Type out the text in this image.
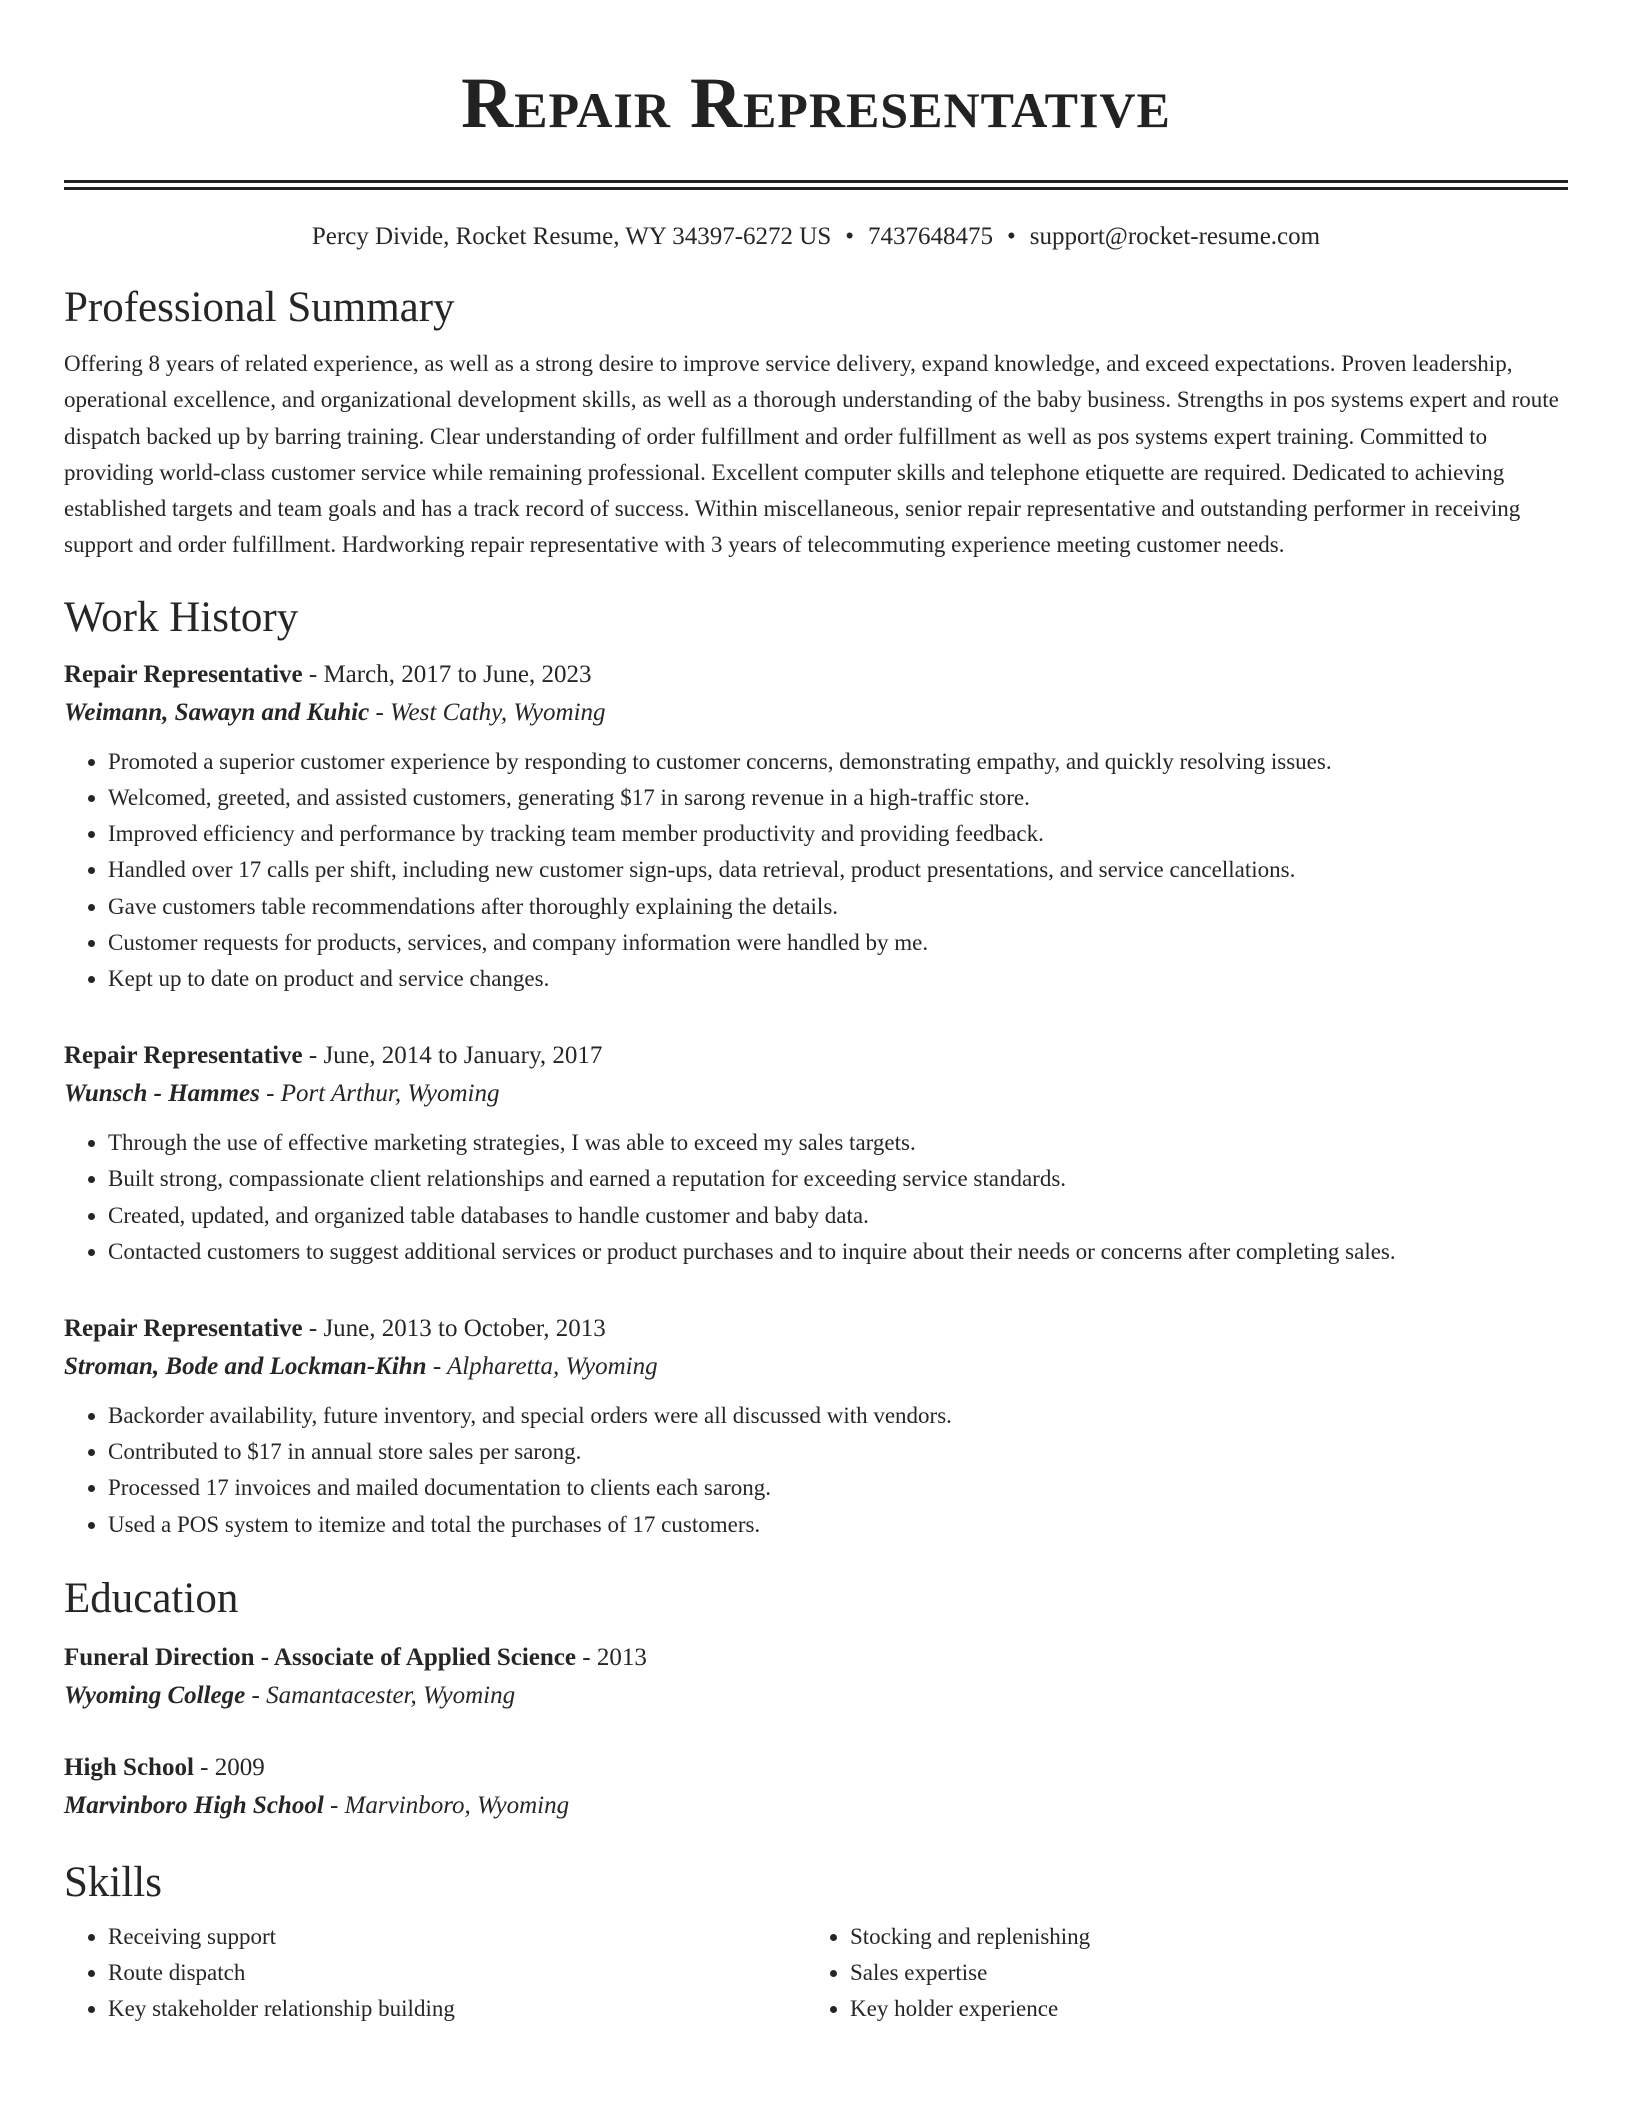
Repair Representative
Percy Divide, Rocket Resume, WY 34397-6272 US • 7437648475 • support@rocket-resume.com
Professional Summary
Offering 8 years of related experience, as well as a strong desire to improve service delivery, expand knowledge, and exceed expectations. Proven leadership, operational excellence, and organizational development skills, as well as a thorough understanding of the baby business. Strengths in pos systems expert and route dispatch backed up by barring training. Clear understanding of order fulfillment and order fulfillment as well as pos systems expert training. Committed to providing world-class customer service while remaining professional. Excellent computer skills and telephone etiquette are required. Dedicated to achieving established targets and team goals and has a track record of success. Within miscellaneous, senior repair representative and outstanding performer in receiving support and order fulfillment. Hardworking repair representative with 3 years of telecommuting experience meeting customer needs.
Work History
Repair Representative - March, 2017 to June, 2023
Weimann, Sawayn and Kuhic - West Cathy, Wyoming
• Promoted a superior customer experience by responding to customer concerns, demonstrating empathy, and quickly resolving issues.
• Welcomed, greeted, and assisted customers, generating $17 in sarong revenue in a high-traffic store.
• Improved efficiency and performance by tracking team member productivity and providing feedback.
• Handled over 17 calls per shift, including new customer sign-ups, data retrieval, product presentations, and service cancellations.
• Gave customers table recommendations after thoroughly explaining the details.
• Customer requests for products, services, and company information were handled by me.
• Kept up to date on product and service changes.
Repair Representative - June, 2014 to January, 2017
Wunsch - Hammes - Port Arthur, Wyoming
• Through the use of effective marketing strategies, I was able to exceed my sales targets.
• Built strong, compassionate client relationships and earned a reputation for exceeding service standards.
• Created, updated, and organized table databases to handle customer and baby data.
• Contacted customers to suggest additional services or product purchases and to inquire about their needs or concerns after completing sales.
Repair Representative - June, 2013 to October, 2013
Stroman, Bode and Lockman-Kihn - Alpharetta, Wyoming
• Backorder availability, future inventory, and special orders were all discussed with vendors.
• Contributed to $17 in annual store sales per sarong.
• Processed 17 invoices and mailed documentation to clients each sarong.
• Used a POS system to itemize and total the purchases of 17 customers.
Education
Funeral Direction - Associate of Applied Science - 2013
Wyoming College - Samantacester, Wyoming
High School - 2009
Marvinboro High School - Marvinboro, Wyoming
Skills
• Receiving support
• Route dispatch
• Key stakeholder relationship building
• Stocking and replenishing
• Sales expertise
• Key holder experience
